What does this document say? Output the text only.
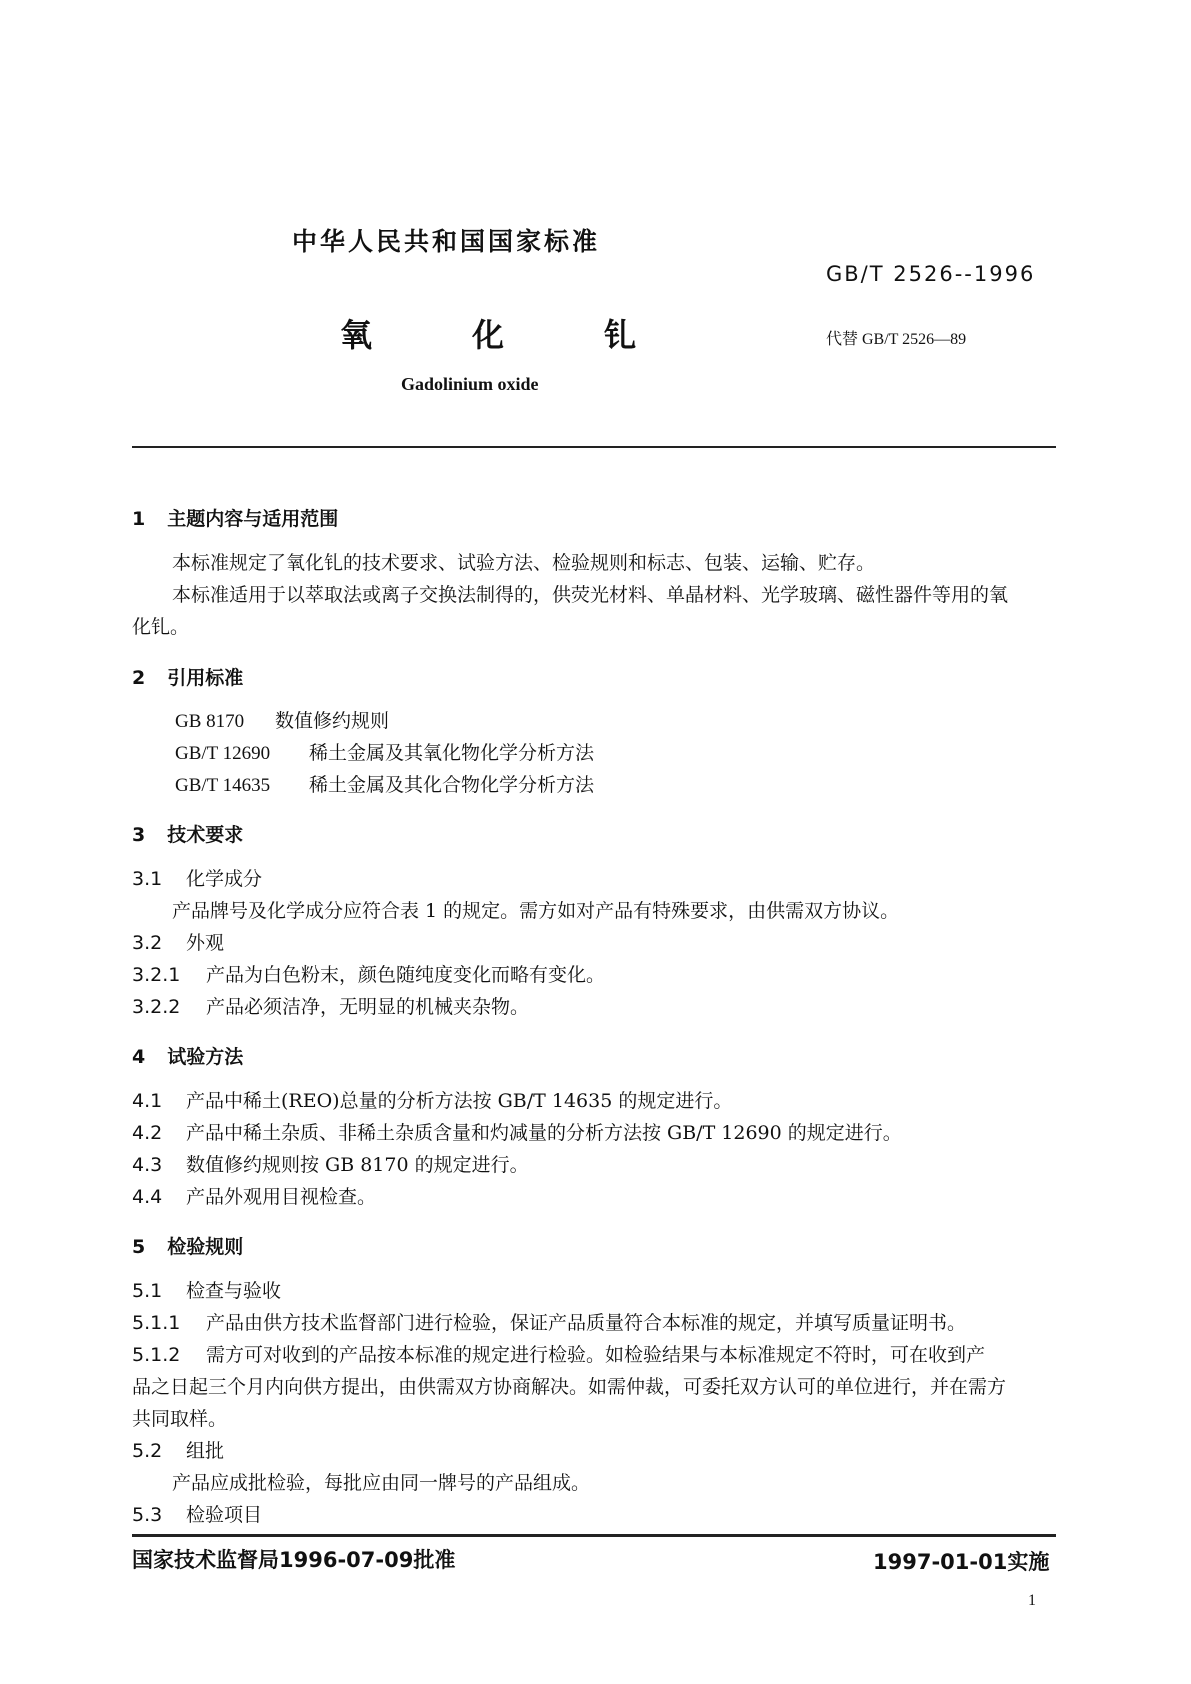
中华人民共和国国家标准
GB/T 2526--1996
氧	化	钆	代替 GB/T 2526—89
Gadolinium oxide
1 主题内容与适用范围
本标准规定了氧化钆的技术要求、试验方法、检验规则和标志、包装、运输、贮存。
本标准适用于以萃取法或离子交换法制得的，供荧光材料、单晶材料、光学玻璃、磁性器件等用的氧
化钆。
2 引用标准
GB 8170 数值修约规则
GB/T 12690 稀土金属及其氧化物化学分析方法
GB/T 14635 稀土金属及其化合物化学分析方法
3 技术要求
3.1 化学成分
产品牌号及化学成分应符合表 1 的规定。需方如对产品有特殊要求，由供需双方协议。
3.2 外观
3.2.1 产品为白色粉末，颜色随纯度变化而略有变化。
3.2.2 产品必须洁净，无明显的机械夹杂物。
4 试验方法
4.1 产品中稀土(REO)总量的分析方法按 GB/T 14635 的规定进行。
4.2 产品中稀土杂质、非稀土杂质含量和灼减量的分析方法按 GB/T 12690 的规定进行。
4.3 数值修约规则按 GB 8170 的规定进行。
4.4 产品外观用目视检查。
5 检验规则
5.1 检查与验收
5.1.1 产品由供方技术监督部门进行检验，保证产品质量符合本标准的规定，并填写质量证明书。
5.1.2 需方可对收到的产品按本标准的规定进行检验。如检验结果与本标准规定不符时，可在收到产
品之日起三个月内向供方提出，由供需双方协商解决。如需仲裁，可委托双方认可的单位进行，并在需方
共同取样。
5.2 组批
产品应成批检验，每批应由同一牌号的产品组成。
5.3 检验项目
国家技术监督局1996-07-09批准	1997-01-01实施
1
